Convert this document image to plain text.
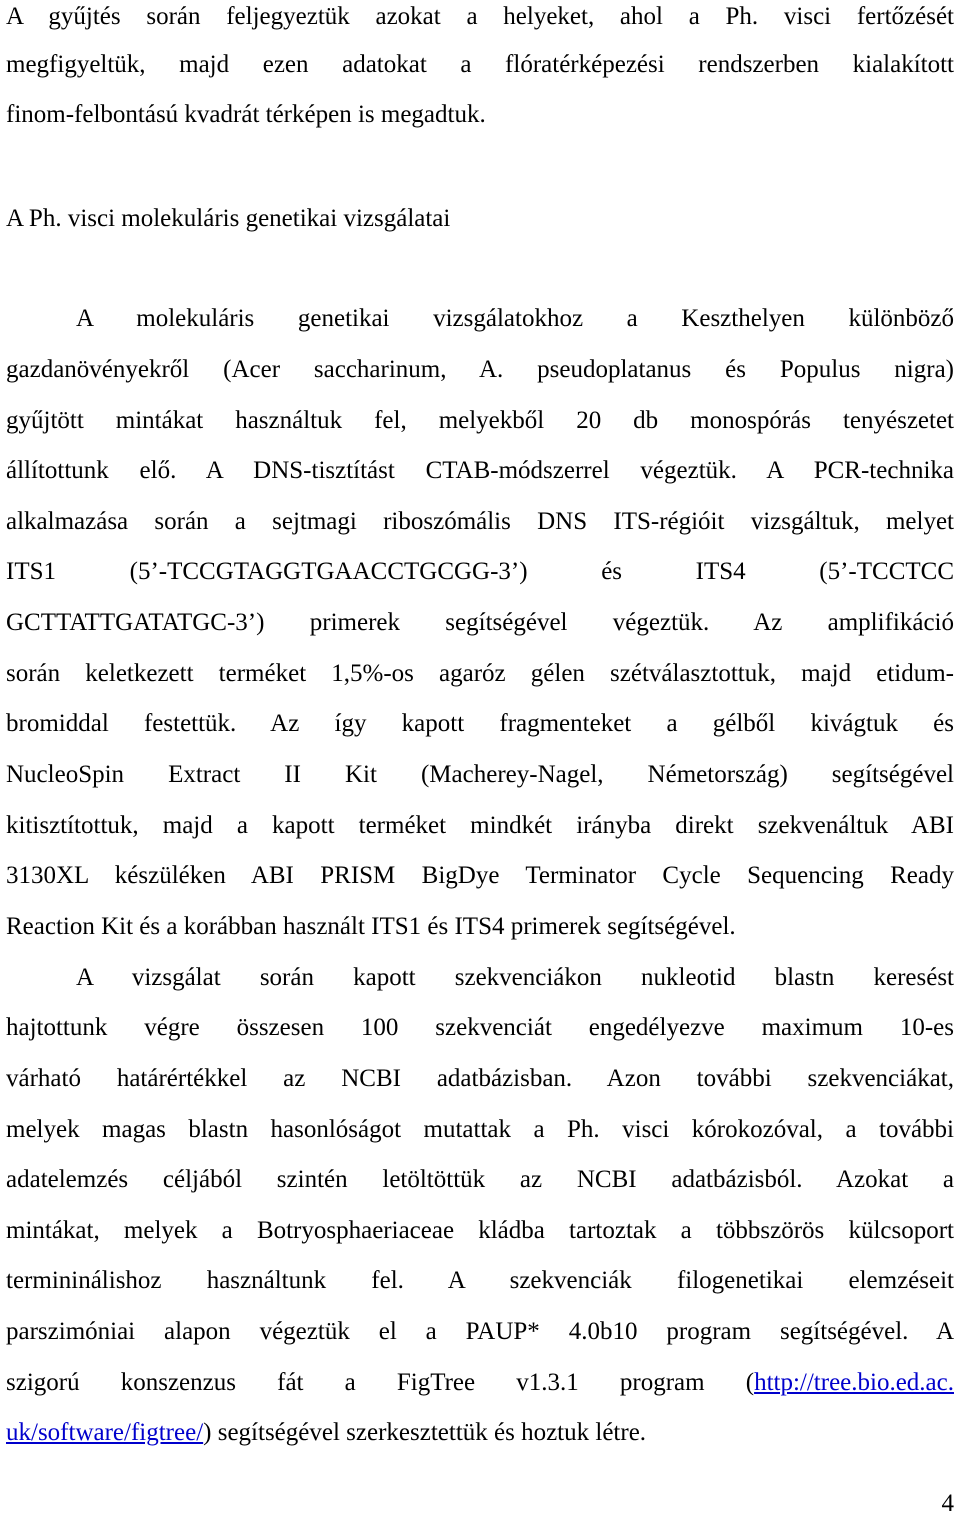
A gyűjtés során feljegyeztük azokat a helyeket, ahol a Ph. visci fertőzését
megfigyeltük, majd ezen adatokat a flóratérképezési rendszerben kialakított
finom-felbontású kvadrát térképen is megadtuk.
A Ph. visci molekuláris genetikai vizsgálatai
A molekuláris genetikai vizsgálatokhoz a Keszthelyen különböző
gazdanövényekről (Acer saccharinum, A. pseudoplatanus és Populus nigra)
gyűjtött mintákat használtuk fel, melyekből 20 db monospórás tenyészetet
állítottunk elő. A DNS-tisztítást CTAB-módszerrel végeztük. A PCR-technika
alkalmazása során a sejtmagi riboszómális DNS ITS-régióit vizsgáltuk, melyet
ITS1 (5’-TCCGTAGGTGAACCTGCGG-3’) és ITS4 (5’-TCCTCC
GCTTATTGATATGC-3’) primerek segítségével végeztük. Az amplifikáció
során keletkezett terméket 1,5%-os agaróz gélen szétválasztottuk, majd etidum-
bromiddal festettük. Az így kapott fragmenteket a gélből kivágtuk és
NucleoSpin Extract II Kit (Macherey-Nagel, Németország) segítségével
kitisztítottuk, majd a kapott terméket mindkét irányba direkt szekvenáltuk ABI
3130XL készüléken ABI PRISM BigDye Terminator Cycle Sequencing Ready
Reaction Kit és a korábban használt ITS1 és ITS4 primerek segítségével.
A vizsgálat során kapott szekvenciákon nukleotid blastn keresést
hajtottunk végre összesen 100 szekvenciát engedélyezve maximum 10-es
várható határértékkel az NCBI adatbázisban. Azon további szekvenciákat,
melyek magas blastn hasonlóságot mutattak a Ph. visci kórokozóval, a további
adatelemzés céljából szintén letöltöttük az NCBI adatbázisból. Azokat a
mintákat, melyek a Botryosphaeriaceae kládba tartoztak a többszörös külcsoport
termininálishoz használtunk fel. A szekvenciák filogenetikai elemzéseit
parszimóniai alapon végeztük el a PAUP* 4.0b10 program segítségével. A
szigorú konszenzus fát a FigTree v1.3.1 program (http://tree.bio.ed.ac.
uk/software/figtree/) segítségével szerkesztettük és hoztuk létre.
4
